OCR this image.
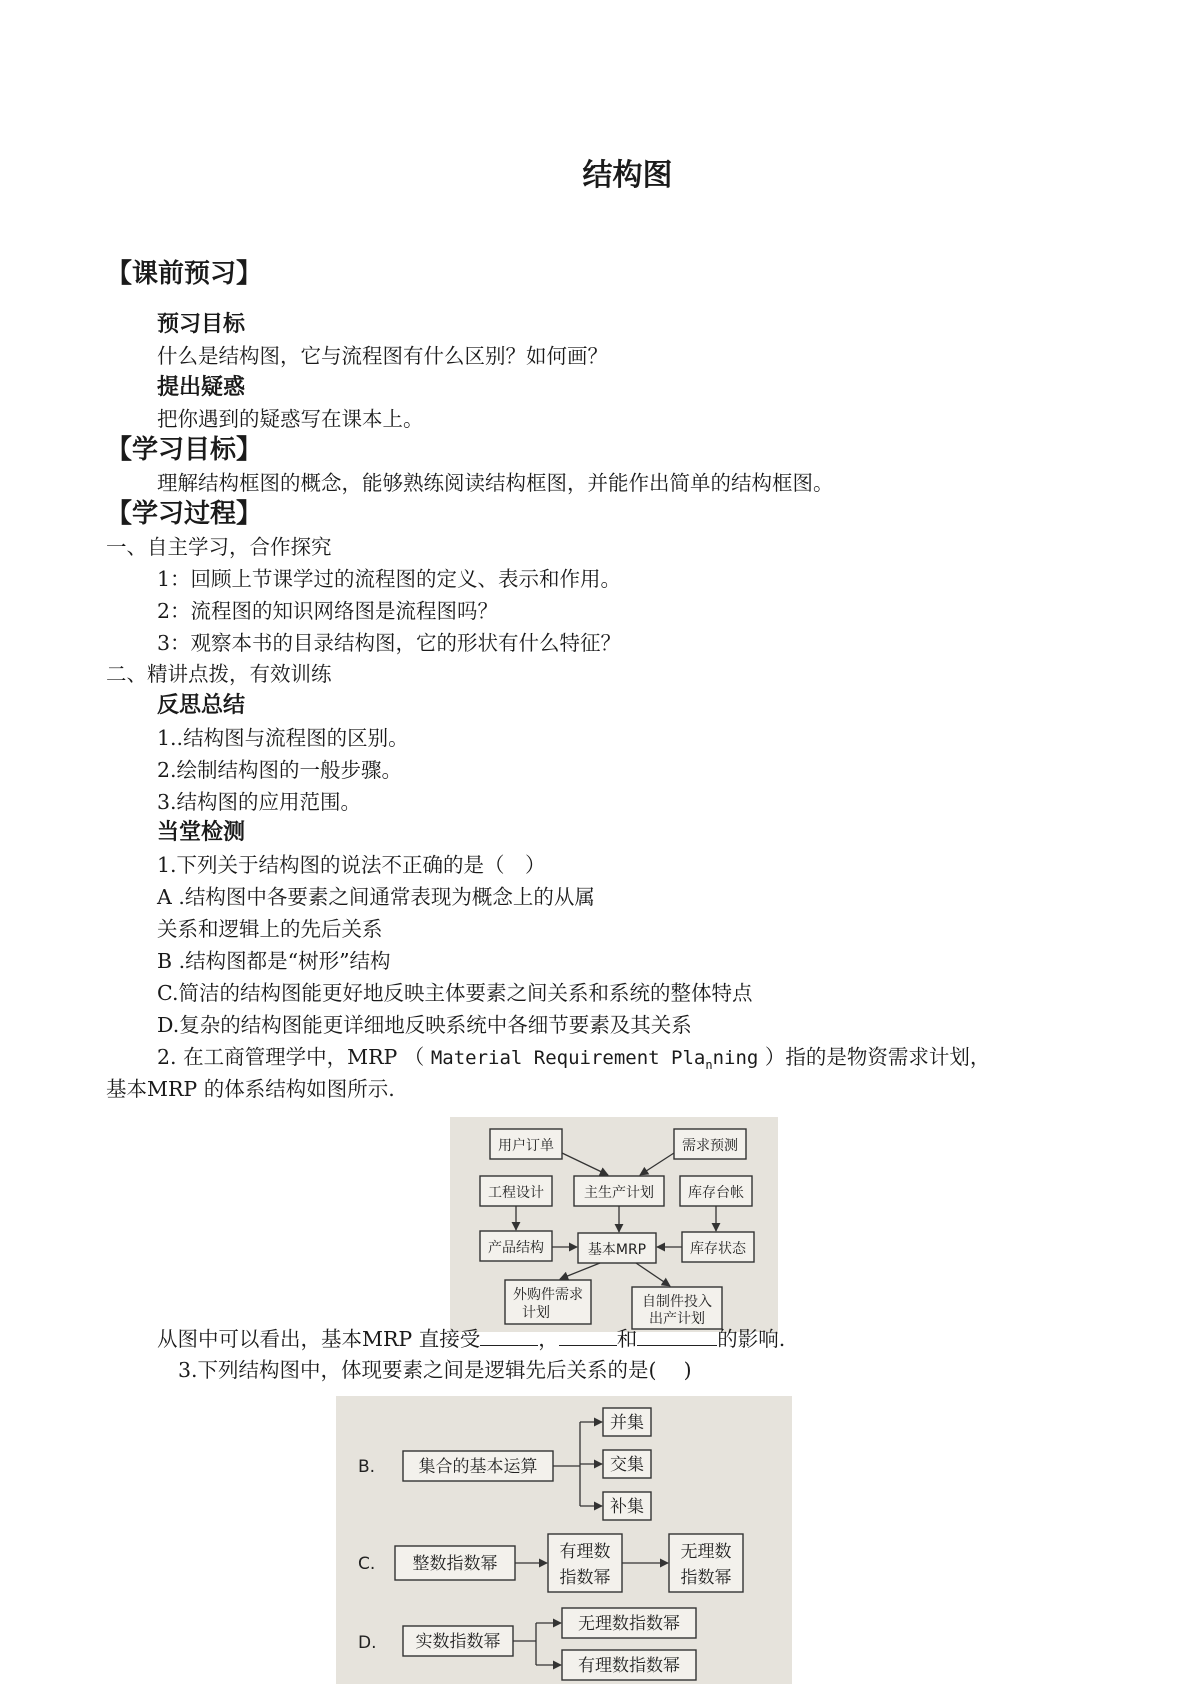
结构图
【课前预习】
预习目标
什么是结构图，它与流程图有什么区别？如何画？
提出疑惑
把你遇到的疑惑写在课本上。
【学习目标】
理解结构框图的概念，能够熟练阅读结构框图，并能作出简单的结构框图。
【学习过程】
一、自主学习，合作探究
1：回顾上节课学过的流程图的定义、表示和作用。
2：流程图的知识网络图是流程图吗？
3：观察本书的目录结构图，它的形状有什么特征？
二、精讲点拨，有效训练
反思总结
1..结构图与流程图的区别。
2.绘制结构图的一般步骤。
3.结构图的应用范围。
当堂检测
1.下列关于结构图的说法不正确的是（　）
A .结构图中各要素之间通常表现为概念上的从属
关系和逻辑上的先后关系
B .结构图都是“树形”结构
C.简洁的结构图能更好地反映主体要素之间关系和系统的整体特点
D.复杂的结构图能更详细地反映系统中各细节要素及其关系
2. 在工商管理学中，MRP （ Material Requirement Pla$_n$ning ）指的是物资需求计划，
基本MRP 的体系结构如图所示.
用户订单	需求预测
工程设计	主生产计划 库存台帐
产品结构	基本MRP	库存状态
外购件需求
计划
自制件投入
出产计划
从图中可以看出，基本MRP 直接受	，	和	的影响.
3.下列结构图中，体现要素之间是逻辑先后关系的是(　 )
B.	集合的基本运算
并集
交集
补集
C. 整数指数幂
有理数
指数幂
无理数
指数幂
D. 实数指数幂
无理数指数幂
有理数指数幂
